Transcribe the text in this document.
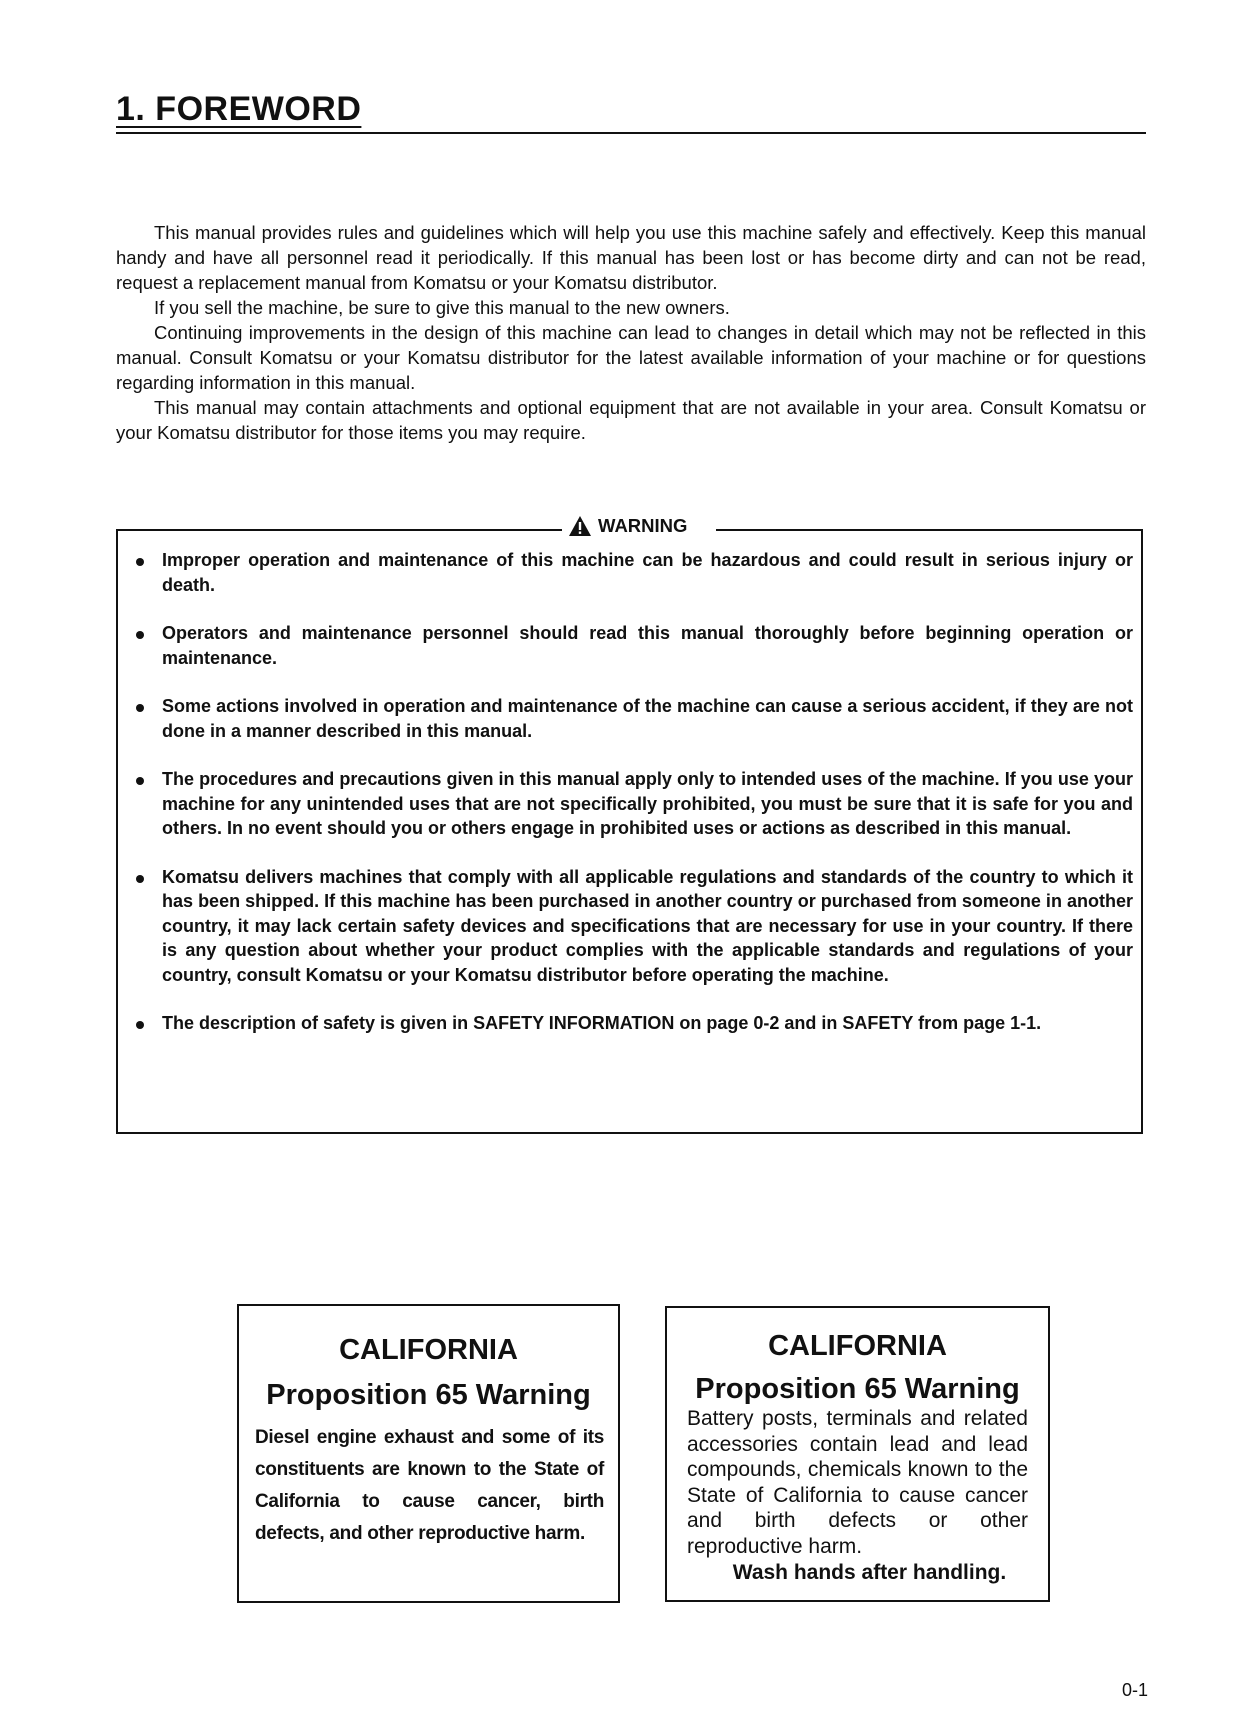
1. FOREWORD

This manual provides rules and guidelines which will help you use this machine safely and effectively. Keep this manual handy and have all personnel read it periodically. If this manual has been lost or has become dirty and can not be read, request a replacement manual from Komatsu or your Komatsu distributor.

If you sell the machine, be sure to give this manual to the new owners.

Continuing improvements in the design of this machine can lead to changes in detail which may not be reflected in this manual. Consult Komatsu or your Komatsu distributor for the latest available information of your machine or for questions regarding information in this manual.

This manual may contain attachments and optional equipment that are not available in your area. Consult Komatsu or your Komatsu distributor for those items you may require.

WARNING
Improper operation and maintenance of this machine can be hazardous and could result in serious injury or death.
Operators and maintenance personnel should read this manual thoroughly before beginning operation or maintenance.
Some actions involved in operation and maintenance of the machine can cause a serious accident, if they are not done in a manner described in this manual.
The procedures and precautions given in this manual apply only to intended uses of the machine. If you use your machine for any unintended uses that are not specifically prohibited, you must be sure that it is safe for you and others. In no event should you or others engage in prohibited uses or actions as described in this manual.
Komatsu delivers machines that comply with all applicable regulations and standards of the country to which it has been shipped. If this machine has been purchased in another country or purchased from someone in another country, it may lack certain safety devices and specifications that are necessary for use in your country. If there is any question about whether your product complies with the applicable standards and regulations of your country, consult Komatsu or your Komatsu distributor before operating the machine.
The description of safety is given in SAFETY INFORMATION on page 0-2 and in SAFETY from page 1-1.
CALIFORNIA
Proposition 65 Warning
Diesel engine exhaust and some of its constituents are known to the State of California to cause cancer, birth defects, and other reproductive harm.
CALIFORNIA
Proposition 65 Warning
Battery posts, terminals and related accessories contain lead and lead compounds, chemicals known to the State of California to cause cancer and birth defects or other reproductive harm.
Wash hands after handling.
0-1
